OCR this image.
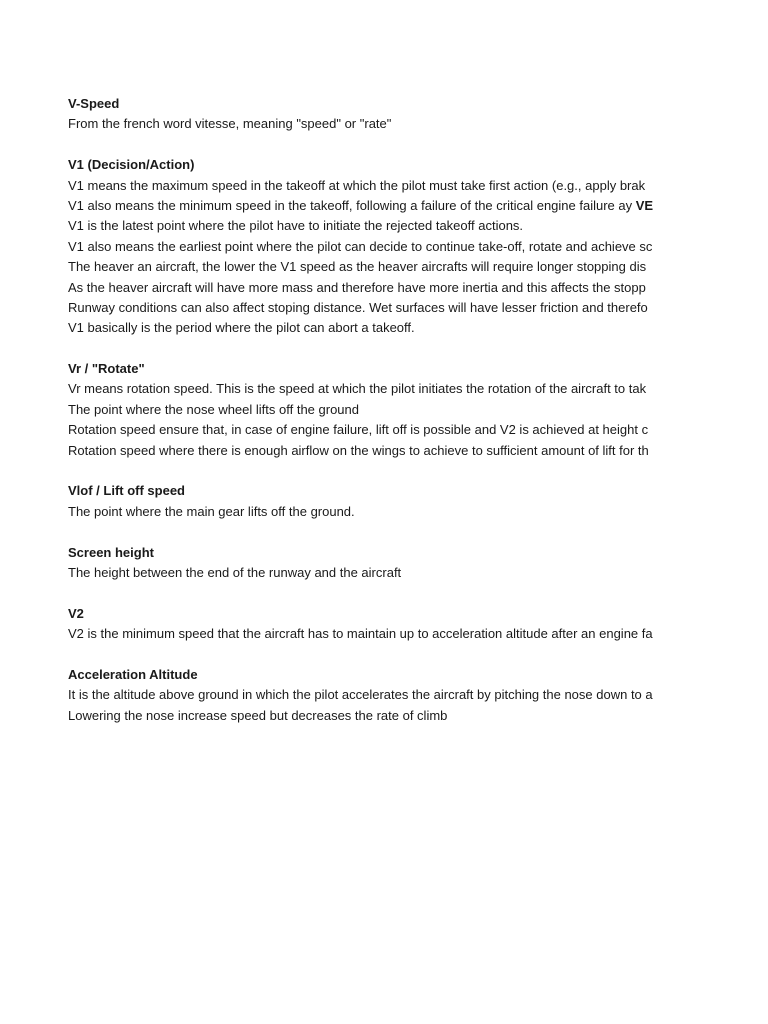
V-Speed
From the french word vitesse, meaning "speed" or "rate"
V1 (Decision/Action)
V1 means the maximum speed in the takeoff at which the pilot must take first action (e.g., apply brak
V1 also means the minimum speed in the takeoff, following a failure of the critical engine failure ay VE
V1 is the latest point where the pilot have to initiate the rejected takeoff actions.
V1 also means the earliest point where the pilot can decide to continue take-off, rotate and achieve sc
The heaver an aircraft, the lower the V1 speed as the heaver aircrafts will require longer stopping dis
As the heaver aircraft will have more mass and therefore have more inertia and this affects the stopp
Runway conditions can also affect stoping distance. Wet surfaces will have lesser friction and therefo
V1 basically is the period where the pilot can abort a takeoff.
Vr / "Rotate"
Vr means rotation speed. This is the speed at which the pilot initiates the rotation of the aircraft to tak
The point where the nose wheel lifts off the ground
Rotation speed ensure that, in case of engine failure, lift off is possible and V2 is achieved at height c
Rotation speed where there is enough airflow on the wings to achieve to sufficient amount of lift for th
Vlof / Lift off speed
The point where the main gear lifts off the ground.
Screen height
The height between the end of the runway and the aircraft
V2
V2 is the minimum speed that the aircraft has to maintain up to acceleration altitude after an engine fa
Acceleration Altitude
It is the altitude above ground in which the pilot accelerates the aircraft by pitching the nose down to a
Lowering the nose increase speed but decreases the rate of climb
